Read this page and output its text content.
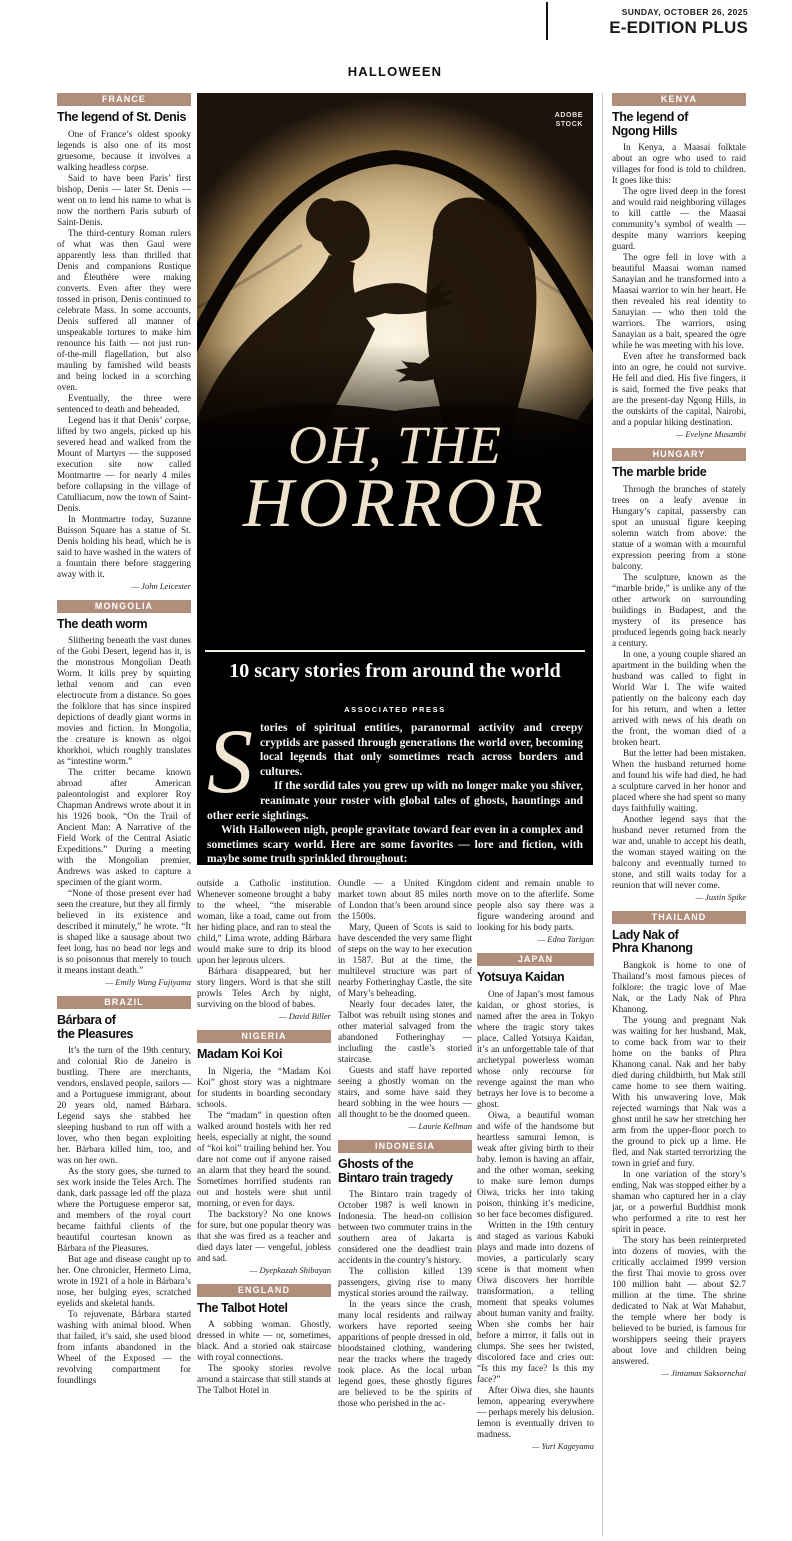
SUNDAY, OCTOBER 26, 2025
E-EDITION PLUS
HALLOWEEN
ADOBE
STOCK
OH, THE
HORROR
10 scary stories from around the world
ASSOCIATED PRESS
S tories of spiritual entities, paranormal activity and creepy cryptids are passed through generations the world over, becoming local legends that only sometimes reach across borders and cultures.

If the sordid tales you grew up with no longer make you shiver, reanimate your roster with global tales of ghosts, hauntings and other eerie sightings.

With Halloween nigh, people gravitate toward fear even in a complex and sometimes scary world. Here are some favorites — lore and fiction, with maybe some truth sprinkled throughout:

FRANCE
The legend of St. Denis

One of France’s oldest spooky legends is also one of its most gruesome, because it involves a walking headless corpse.

Said to have been Paris’ first bishop, Denis — later St. Denis — went on to lend his name to what is now the northern Paris suburb of Saint-Denis.

The third-century Roman rulers of what was then Gaul were apparently less than thrilled that Denis and companions Rustique and Éleuthère were making converts. Even after they were tossed in prison, Denis continued to celebrate Mass. In some accounts, Denis suffered all manner of unspeakable tortures to make him renounce his faith — not just run-of-the-mill flagellation, but also mauling by famished wild beasts and being locked in a scorching oven.

Eventually, the three were sentenced to death and beheaded.

Legend has it that Denis’ corpse, lifted by two angels, picked up his severed head and walked from the Mount of Martyrs — the supposed execution site now called Montmartre — for nearly 4 miles before collapsing in the village of Catulliacum, now the town of Saint-Denis.

In Montmartre today, Suzanne Buisson Square has a statue of St. Denis holding his head, which he is said to have washed in the waters of a fountain there before staggering away with it.

— John Leicester
MONGOLIA
The death worm

Slithering beneath the vast dunes of the Gobi Desert, legend has it, is the monstrous Mongolian Death Worm. It kills prey by squirting lethal venom and can even electrocute from a distance. So goes the folklore that has since inspired depictions of deadly giant worms in movies and fiction. In Mongolia, the creature is known as olgoi khorkhoi, which roughly translates as “intestine worm.”

The critter became known abroad after American paleontologist and explorer Roy Chapman Andrews wrote about it in his 1926 book, “On the Trail of Ancient Man: A Narrative of the Field Work of the Central Asiatic Expeditions.” During a meeting with the Mongolian premier, Andrews was asked to capture a specimen of the giant worm.

“None of those present ever had seen the creature, but they all firmly believed in its existence and described it minutely,” he wrote. “It is shaped like a sausage about two feet long, has no head nor legs and is so poisonous that merely to touch it means instant death.”

— Emily Wang Fujiyama
BRAZIL
Bárbara of
the Pleasures

It’s the turn of the 19th century, and colonial Rio de Janeiro is bustling. There are merchants, vendors, enslaved people, sailors — and a Portuguese immigrant, about 20 years old, named Bárbara. Legend says she stabbed her sleeping husband to run off with a lover, who then began exploiting her. Bárbara killed him, too, and was on her own.

As the story goes, she turned to sex work inside the Teles Arch. The dank, dark passage led off the plaza where the Portuguese emperor sat, and members of the royal court became faithful clients of the beautiful courtesan known as Bárbara of the Pleasures.

But age and disease caught up to her. One chronicler, Hermeto Lima, wrote in 1921 of a hole in Bárbara’s nose, her bulging eyes, scratched eyelids and skeletal hands.

To rejuvenate, Bárbara started washing with animal blood. When that failed, it’s said, she used blood from infants abandoned in the Wheel of the Exposed — the revolving compartment for foundlings

outside a Catholic institution. Whenever someone brought a baby to the wheel, “the miserable woman, like a toad, came out from her hiding place, and ran to steal the child,” Lima wrote, adding Bárbara would make sure to drip its blood upon her leprous ulcers.

Bárbara disappeared, but her story lingers. Word is that she still prowls Teles Arch by night, surviving on the blood of babes.

— David Biller
NIGERIA
Madam Koi Koi

In Nigeria, the “Madam Koi Koi” ghost story was a nightmare for students in boarding secondary schools.

The “madam” in question often walked around hostels with her red heels, especially at night, the sound of “koi koi” trailing behind her. You dare not come out if anyone raised an alarm that they heard the sound. Sometimes horrified students ran out and hostels were shut until morning, or even for days.

The backstory? No one knows for sure, but one popular theory was that she was fired as a teacher and died days later — vengeful, jobless and sad.

— Dyepkazah Shibayan
ENGLAND
The Talbot Hotel

A sobbing woman. Ghostly, dressed in white — or, sometimes, black. And a storied oak staircase with royal connections.

The spooky stories revolve around a staircase that still stands at The Talbot Hotel in

Oundle — a United Kingdom market town about 85 miles north of London that’s been around since the 1500s.

Mary, Queen of Scots is said to have descended the very same flight of steps on the way to her execution in 1587. But at the time, the multilevel structure was part of nearby Fotheringhay Castle, the site of Mary’s beheading.

Nearly four decades later, the Talbot was rebuilt using stones and other material salvaged from the abandoned Fotheringhay — including the castle’s storied staircase.

Guests and staff have reported seeing a ghostly woman on the stairs, and some have said they heard sobbing in the wee hours — all thought to be the doomed queen.

— Laurie Kellman
INDONESIA
Ghosts of the
Bintaro train tragedy

The Bintaro train tragedy of October 1987 is well known in Indonesia. The head-on collision between two commuter trains in the southern area of Jakarta is considered one the deadliest train accidents in the country’s history.

The collision killed 139 passengers, giving rise to many mystical stories around the railway.

In the years since the crash, many local residents and railway workers have reported seeing apparitions of people dressed in old, bloodstained clothing, wandering near the tracks where the tragedy took place. As the local urban legend goes, these ghostly figures are believed to be the spirits of those who perished in the ac-

cident and remain unable to move on to the afterlife. Some people also say there was a figure wandering around and looking for his body parts.

— Edna Tarigan
JAPAN
Yotsuya Kaidan

One of Japan’s most famous kaidan, or ghost stories, is named after the area in Tokyo where the tragic story takes place. Called Yotsuya Kaidan, it’s an unforgettable tale of that archetypal powerless woman whose only recourse for revenge against the man who betrays her love is to become a ghost.

Oiwa, a beautiful woman and wife of the handsome but heartless samurai Iemon, is weak after giving birth to their baby. Iemon is having an affair, and the other woman, seeking to make sure Iemon dumps Oiwa, tricks her into taking poison, thinking it’s medicine, so her face becomes disfigured.

Written in the 19th century and staged as various Kabuki plays and made into dozens of movies, a particularly scary scene is that moment when Oiwa discovers her horrible transformation, a telling moment that speaks volumes about human vanity and frailty. When she combs her hair before a mirror, it falls out in clumps. She sees her twisted, discolored face and cries out: “Is this my face? Is this my face?”

After Oiwa dies, she haunts Iemon, appearing everywhere — perhaps merely his delusion. Iemon is eventually driven to madness.

— Yuri Kageyama
KENYA
The legend of
Ngong Hills

In Kenya, a Maasai folktale about an ogre who used to raid villages for food is told to children. It goes like this:

The ogre lived deep in the forest and would raid neighboring villages to kill cattle — the Maasai community’s symbol of wealth — despite many warriors keeping guard.

The ogre fell in love with a beautiful Maasai woman named Sanayian and he transformed into a Maasai warrior to win her heart. He then revealed his real identity to Sanayian — who then told the warriors. The warriors, using Sanayian as a bait, speared the ogre while he was meeting with his love.

Even after he transformed back into an ogre, he could not survive. He fell and died. His five fingers, it is said, formed the five peaks that are the present-day Ngong Hills, in the outskirts of the capital, Nairobi, and a popular hiking destination.

— Evelyne Musambi
HUNGARY
The marble bride

Through the branches of stately trees on a leafy avenue in Hungary’s capital, passersby can spot an unusual figure keeping solemn watch from above: the statue of a woman with a mournful expression peering from a stone balcony.

The sculpture, known as the “marble bride,” is unlike any of the other artwork on surrounding buildings in Budapest, and the mystery of its presence has produced legends going back nearly a century.

In one, a young couple shared an apartment in the building when the husband was called to fight in World War I. The wife waited patiently on the balcony each day for his return, and when a letter arrived with news of his death on the front, the woman died of a broken heart.

But the letter had been mistaken. When the husband returned home and found his wife had died, he had a sculpture carved in her honor and placed where she had spent so many days faithfully waiting.

Another legend says that the husband never returned from the war and, unable to accept his death, the woman stayed waiting on the balcony and eventually turned to stone, and still waits today for a reunion that will never come.

— Justin Spike
THAILAND
Lady Nak of
Phra Khanong

Bangkok is home to one of Thailand’s most famous pieces of folklore: the tragic love of Mae Nak, or the Lady Nak of Phra Khanong.

The young and pregnant Nak was waiting for her husband, Mak, to come back from war to their home on the banks of Phra Khanong canal. Nak and her baby died during childbirth, but Mak still came home to see them waiting. With his unwavering love, Mak rejected warnings that Nak was a ghost until he saw her stretching her arm from the upper-floor porch to the ground to pick up a lime. He fled, and Nak started terrorizing the town in grief and fury.

In one variation of the story’s ending, Nak was stopped either by a shaman who captured her in a clay jar, or a powerful Buddhist monk who performed a rite to rest her spirit in peace.

The story has been reinterpreted into dozens of movies, with the critically acclaimed 1999 version the first Thai movie to gross over 100 million baht — about $2.7 million at the time. The shrine dedicated to Nak at Wat Mahabut, the temple where her body is believed to be buried, is famous for worshippers seeing their prayers about love and children being answered.

— Jintamas Saksornchai
